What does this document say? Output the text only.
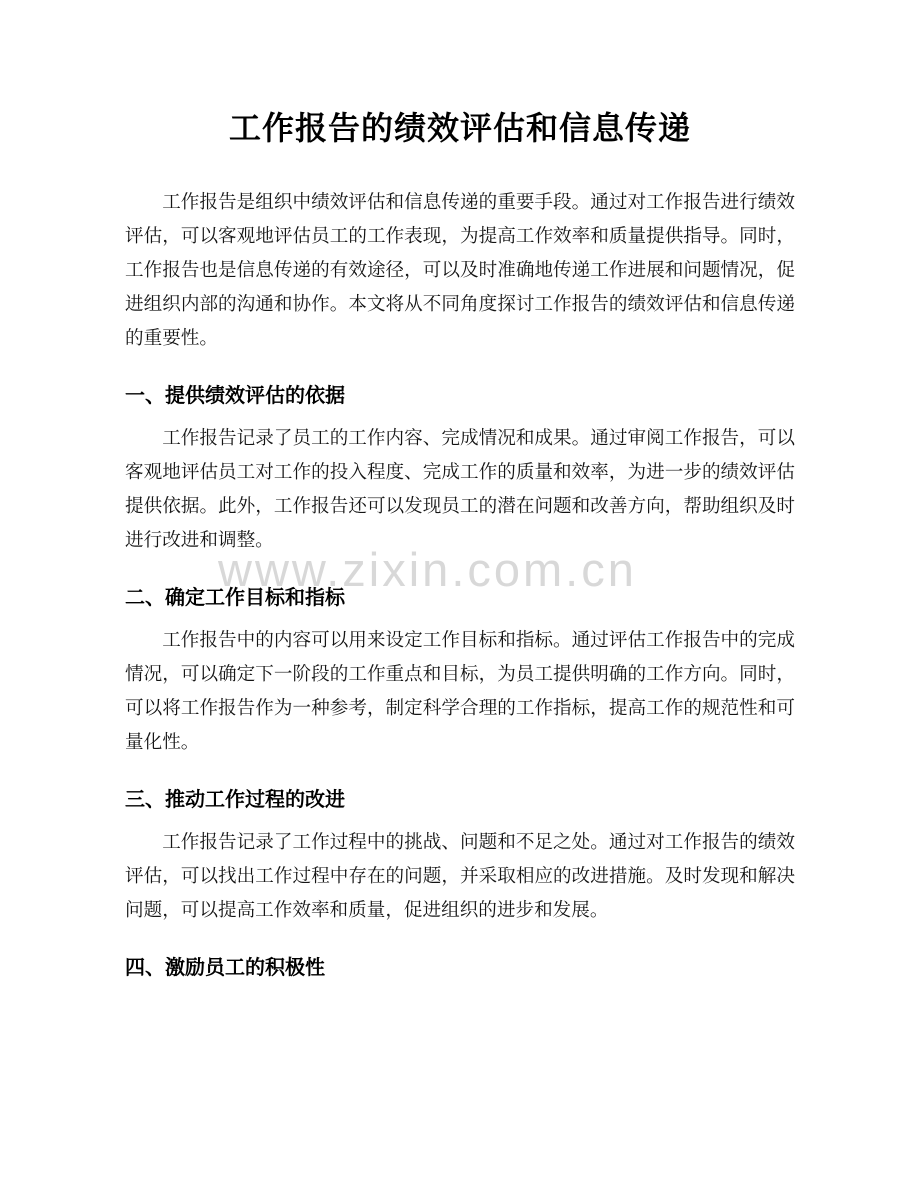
www.zixin.com.cn
工作报告的绩效评估和信息传递

工作报告是组织中绩效评估和信息传递的重要手段。通过对工作报告进行绩效评估，可以客观地评估员工的工作表现，为提高工作效率和质量提供指导。同时，工作报告也是信息传递的有效途径，可以及时准确地传递工作进展和问题情况，促进组织内部的沟通和协作。本文将从不同角度探讨工作报告的绩效评估和信息传递的重要性。

一、提供绩效评估的依据

工作报告记录了员工的工作内容、完成情况和成果。通过审阅工作报告，可以客观地评估员工对工作的投入程度、完成工作的质量和效率，为进一步的绩效评估提供依据。此外，工作报告还可以发现员工的潜在问题和改善方向，帮助组织及时进行改进和调整。

二、确定工作目标和指标

工作报告中的内容可以用来设定工作目标和指标。通过评估工作报告中的完成情况，可以确定下一阶段的工作重点和目标，为员工提供明确的工作方向。同时，可以将工作报告作为一种参考，制定科学合理的工作指标，提高工作的规范性和可量化性。

三、推动工作过程的改进

工作报告记录了工作过程中的挑战、问题和不足之处。通过对工作报告的绩效评估，可以找出工作过程中存在的问题，并采取相应的改进措施。及时发现和解决问题，可以提高工作效率和质量，促进组织的进步和发展。

四、激励员工的积极性
